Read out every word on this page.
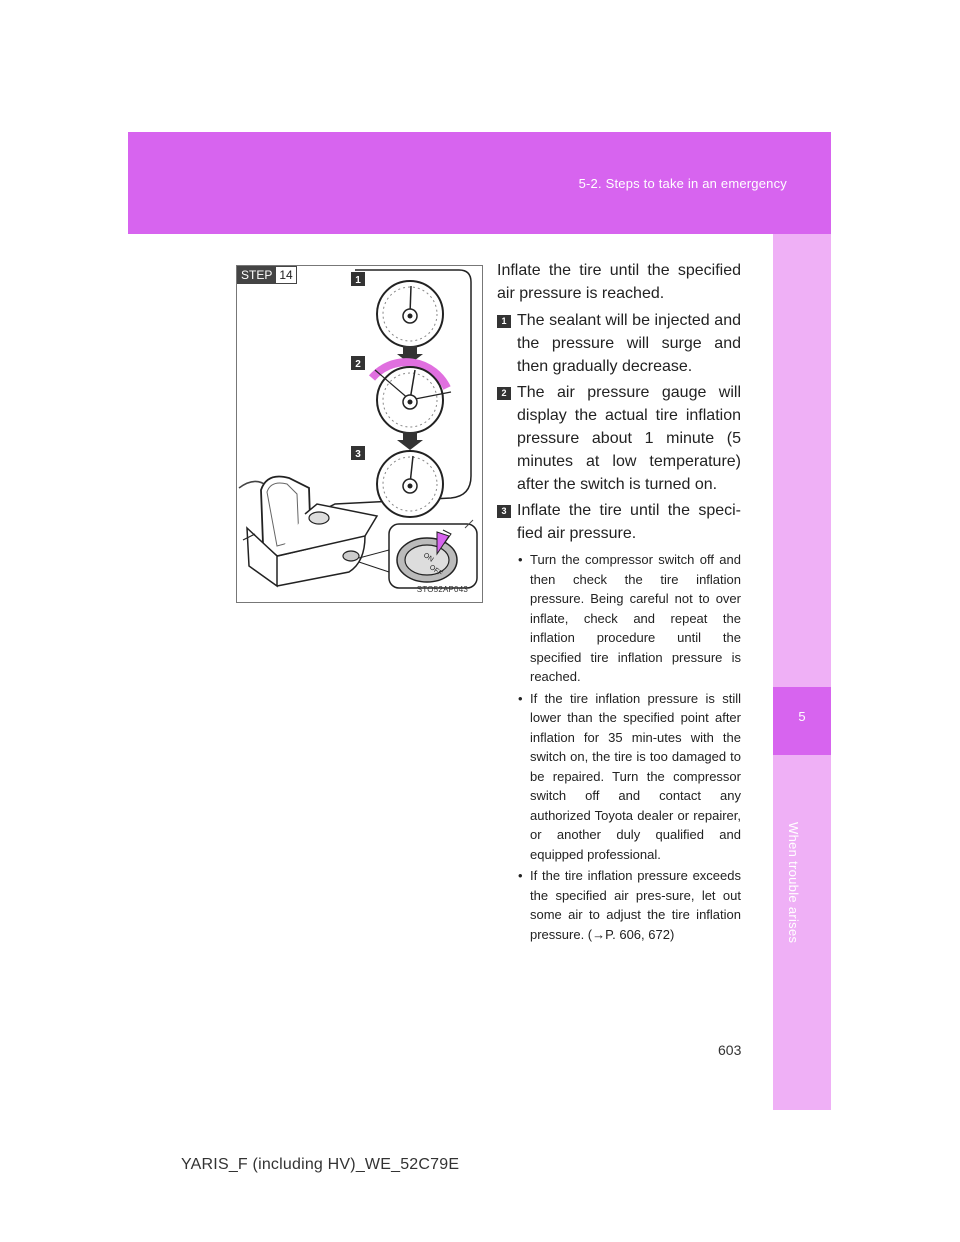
5-2. Steps to take in an emergency
5
When trouble arises
1
2
3
ON
OFF
STEP 14
STO52AP043

Inflate the tire until the specified air pressure is reached.

1 The sealant will be injected and the pressure will surge and then gradually decrease.
2 The air pressure gauge will display the actual tire inflation pressure about 1 minute (5 minutes at low temperature) after the switch is turned on.
3 Inflate the tire until the speci-fied air pressure.
• Turn the compressor switch off and then check the tire inflation pressure. Being careful not to over inflate, check and repeat the inflation procedure until the specified tire inflation pressure is reached.
• If the tire inflation pressure is still lower than the specified point after inflation for 35 min-utes with the switch on, the tire is too damaged to be repaired. Turn the compressor switch off and contact any authorized Toyota dealer or repairer, or another duly qualified and equipped professional.
• If the tire inflation pressure exceeds the specified air pres-sure, let out some air to adjust the tire inflation pressure. (→P. 606, 672)
603
YARIS_F (including HV)_WE_52C79E
